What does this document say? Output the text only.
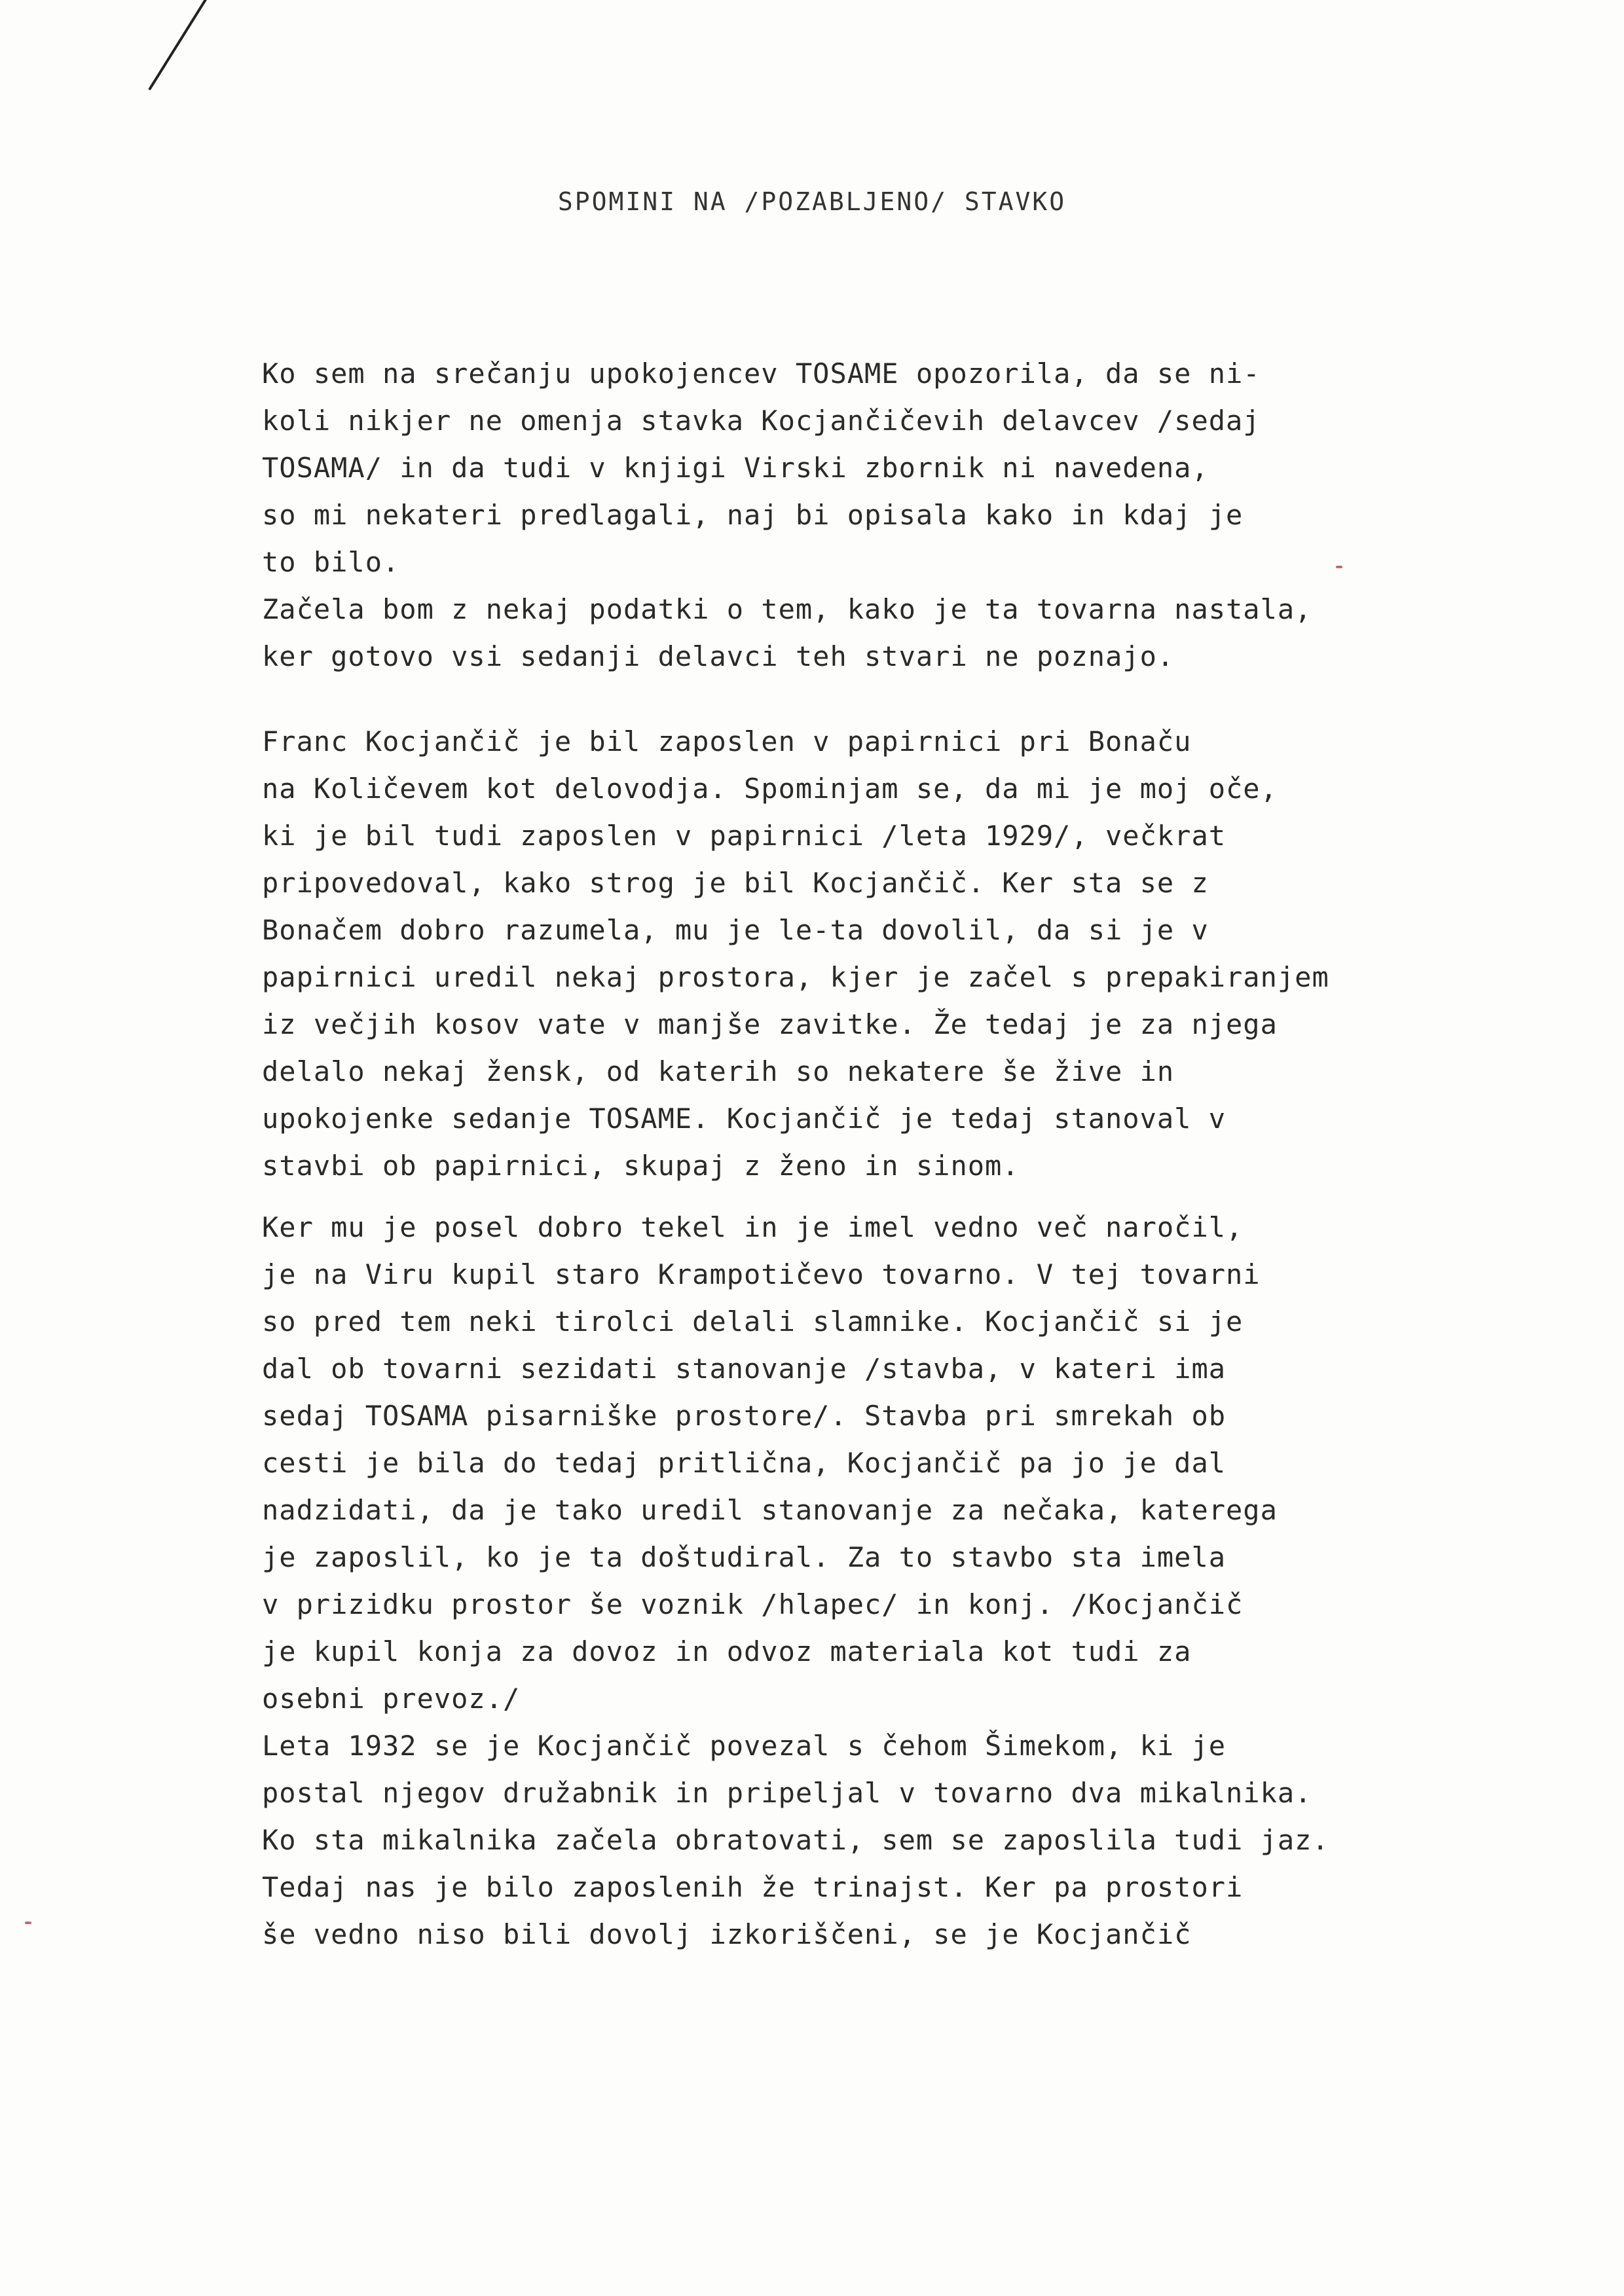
SPOMINI NA /POZABLJENO/ STAVKO
Ko sem na srečanju upokojencev TOSAME opozorila, da se ni-
koli nikjer ne omenja stavka Kocjančičevih delavcev /sedaj
TOSAMA/ in da tudi v knjigi Virski zbornik ni navedena,
so mi nekateri predlagali, naj bi opisala kako in kdaj je
to bilo.
Začela bom z nekaj podatki o tem, kako je ta tovarna nastala,
ker gotovo vsi sedanji delavci teh stvari ne poznajo.
Franc Kocjančič je bil zaposlen v papirnici pri Bonaču
na Količevem kot delovodja. Spominjam se, da mi je moj oče,
ki je bil tudi zaposlen v papirnici /leta 1929/, večkrat
pripovedoval, kako strog je bil Kocjančič. Ker sta se z
Bonačem dobro razumela, mu je le-ta dovolil, da si je v
papirnici uredil nekaj prostora, kjer je začel s prepakiranjem
iz večjih kosov vate v manjše zavitke. Že tedaj je za njega
delalo nekaj žensk, od katerih so nekatere še žive in
upokojenke sedanje TOSAME. Kocjančič je tedaj stanoval v
stavbi ob papirnici, skupaj z ženo in sinom.
Ker mu je posel dobro tekel in je imel vedno več naročil,
je na Viru kupil staro Krampotičevo tovarno. V tej tovarni
so pred tem neki tirolci delali slamnike. Kocjančič si je
dal ob tovarni sezidati stanovanje /stavba, v kateri ima
sedaj TOSAMA pisarniške prostore/. Stavba pri smrekah ob
cesti je bila do tedaj pritlična, Kocjančič pa jo je dal
nadzidati, da je tako uredil stanovanje za nečaka, katerega
je zaposlil, ko je ta doštudiral. Za to stavbo sta imela
v prizidku prostor še voznik /hlapec/ in konj. /Kocjančič
je kupil konja za dovoz in odvoz materiala kot tudi za
osebni prevoz./
Leta 1932 se je Kocjančič povezal s čehom Šimekom, ki je
postal njegov družabnik in pripeljal v tovarno dva mikalnika.
Ko sta mikalnika začela obratovati, sem se zaposlila tudi jaz.
Tedaj nas je bilo zaposlenih že trinajst. Ker pa prostori
še vedno niso bili dovolj izkoriščeni, se je Kocjančič
